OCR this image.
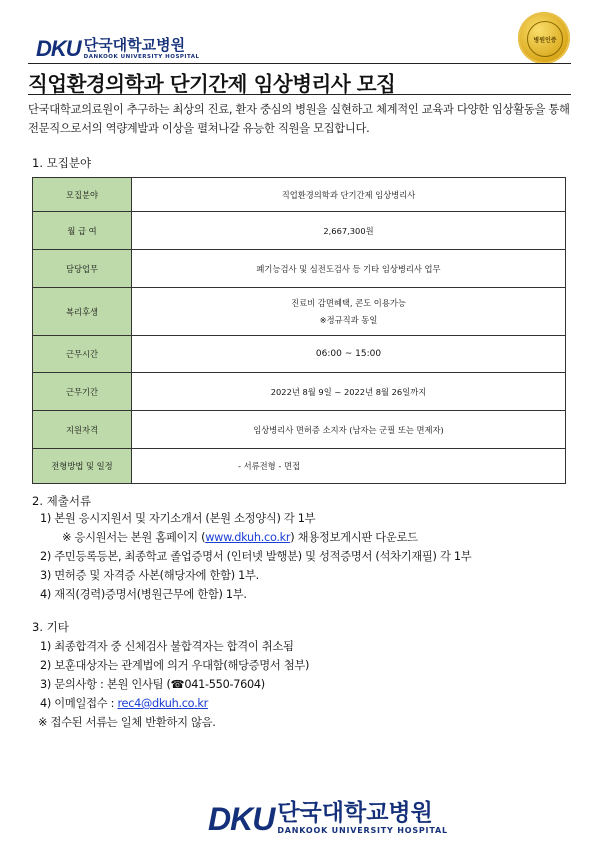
DKU 단국대학교병원
DANKOOK UNIVERSITY HOSPITAL
병원인증
직업환경의학과 단기간제 임상병리사 모집

단국대학교의료원이 추구하는 최상의 진료, 환자 중심의 병원을 실현하고 체계적인 교육과 다양한 임상활동을 통해 전문직으로서의 역량계발과 이상을 펼쳐나갈 유능한 직원을 모집합니다.

1. 모집분야

모집분야	직업환경의학과 단기간제 임상병리사
월 급 여	2,667,300원
담당업무	폐기능검사 및 심전도검사 등 기타 임상병리사 업무
복리후생	진료비 감면혜택, 콘도 이용가능
※정규직과 동일

근무시간	06:00 ~ 15:00
근무기간	2022년 8월 9일 ~ 2022년 8월 26일까지
지원자격	임상병리사 면허증 소지자 (남자는 군필 또는 면제자)
전형방법 및 일정	- 서류전형 - 면접

2. 제출서류

1) 본원 응시지원서 및 자기소개서 (본원 소정양식) 각 1부
※ 응시원서는 본원 홈페이지 (www.dkuh.co.kr) 채용정보게시판 다운로드
2) 주민등록등본, 최종학교 졸업증명서 (인터넷 발행분) 및 성적증명서 (석차기재필) 각 1부
3) 면허증 및 자격증 사본(해당자에 한함) 1부.
4) 재직(경력)증명서(병원근무에 한함) 1부.

3. 기타

1) 최종합격자 중 신체검사 불합격자는 합격이 취소됨
2) 보훈대상자는 관계법에 의거 우대함(해당증명서 첨부)
3) 문의사항 : 본원 인사팀 (☎041-550-7604)
4) 이메일접수 : rec4@dkuh.co.kr
※ 접수된 서류는 일체 반환하지 않음.
DKU 단국대학교병원
DANKOOK UNIVERSITY HOSPITAL
